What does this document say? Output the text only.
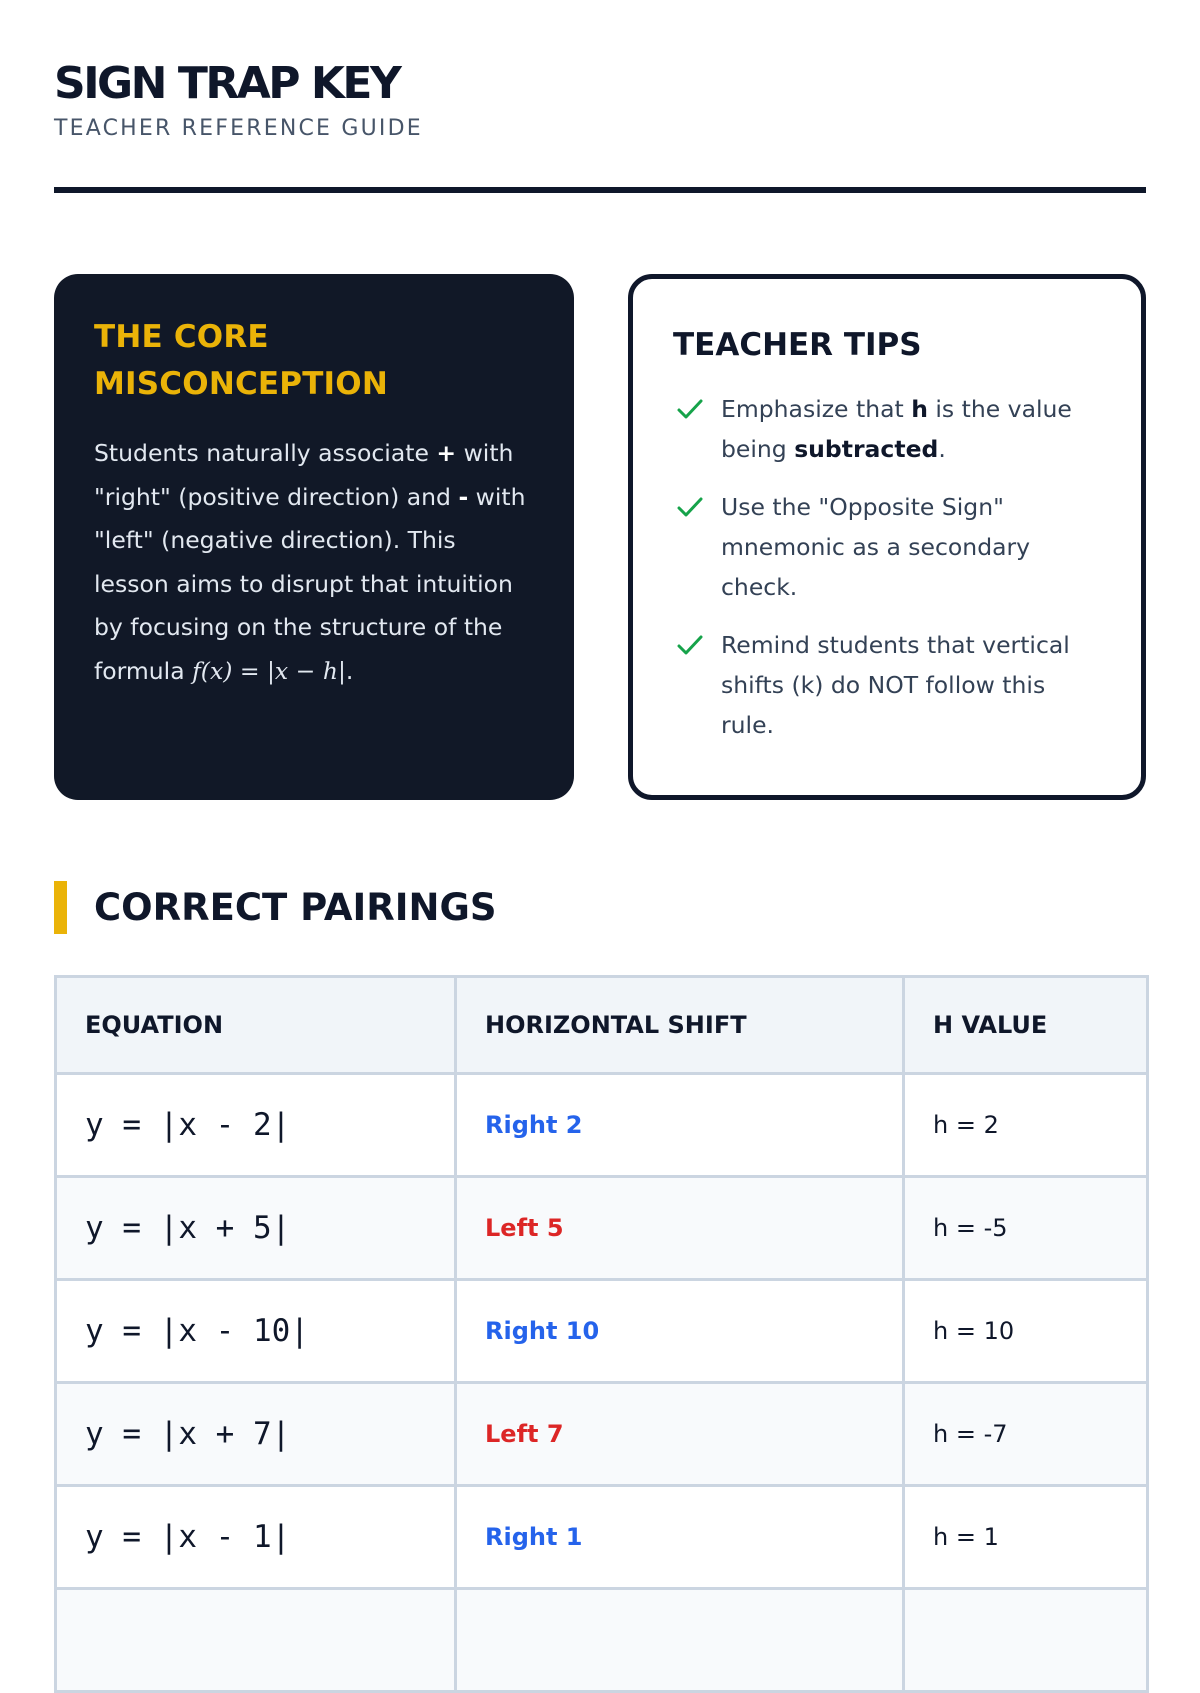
SIGN TRAP KEY
TEACHER REFERENCE GUIDE
THE CORE MISCONCEPTION

Students naturally associate + with "right" (positive direction) and - with "left" (negative direction). This lesson aims to disrupt that intuition by focusing on the structure of the formula f(x) = |x − h|.

TEACHER TIPS
Emphasize that h is the value being subtracted.
Use the "Opposite Sign" mnemonic as a secondary check.
Remind students that vertical shifts (k) do NOT follow this rule.
CORRECT PAIRINGS
EQUATION	HORIZONTAL SHIFT	H VALUE
y = |x - 2|	Right 2	h = 2
y = |x + 5|	Left 5	h = -5
y = |x - 10|	Right 10	h = 10
y = |x + 7|	Left 7	h = -7
y = |x - 1|	Right 1	h = 1
